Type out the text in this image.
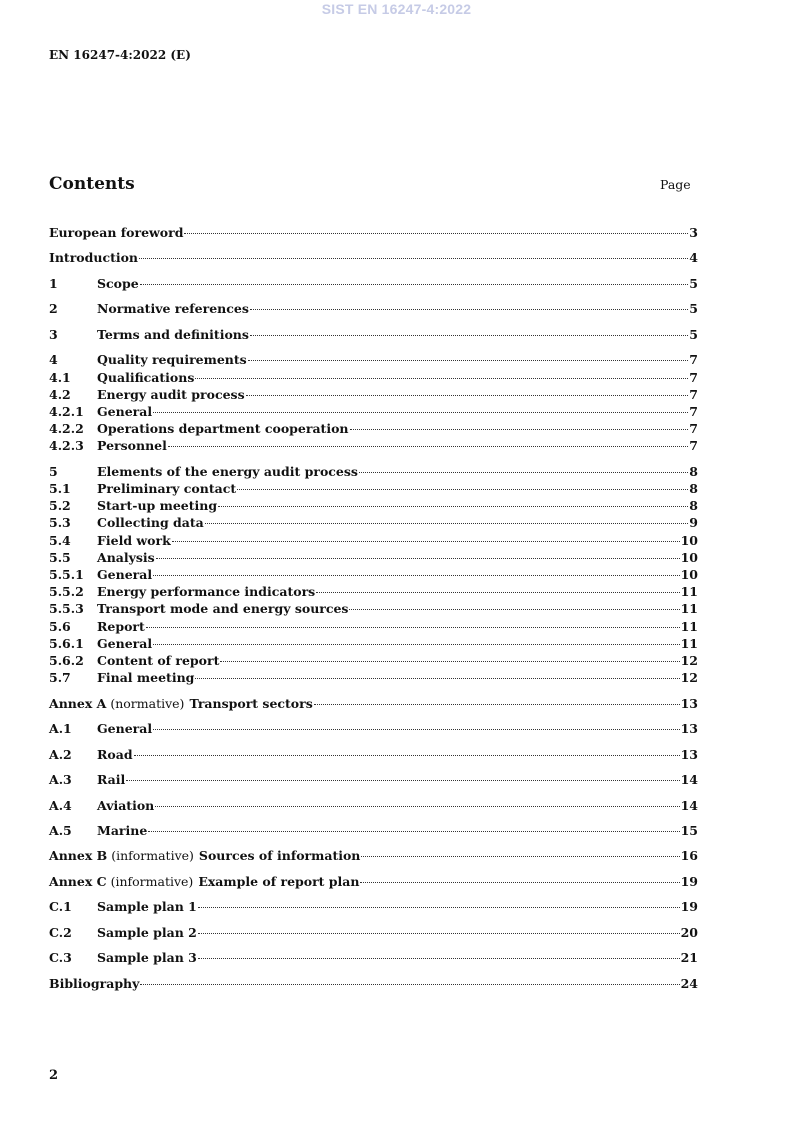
SIST EN 16247-4:2022
EN 16247-4:2022 (E)
Contents	Page
European foreword	3
Introduction	4
1	Scope	5
2	Normative references	5
3	Terms and definitions	5
4	Quality requirements	7
4.1	Qualifications	7
4.2	Energy audit process	7
4.2.1	General	7
4.2.2	Operations department cooperation	7
4.2.3	Personnel	7
5	Elements of the energy audit process	8
5.1	Preliminary contact	8
5.2	Start-up meeting	8
5.3	Collecting data	9
5.4	Field work	10
5.5	Analysis	10
5.5.1	General	10
5.5.2	Energy performance indicators	11
5.5.3	Transport mode and energy sources	11
5.6	Report	11
5.6.1	General	11
5.6.2	Content of report	12
5.7	Final meeting	12
Annex A (normative) Transport sectors	13
A.1	General	13
A.2	Road	13
A.3	Rail	14
A.4	Aviation	14
A.5	Marine	15
Annex B (informative) Sources of information	16
Annex C (informative) Example of report plan	19
C.1	Sample plan 1	19
C.2	Sample plan 2	20
C.3	Sample plan 3	21
Bibliography	24
2
